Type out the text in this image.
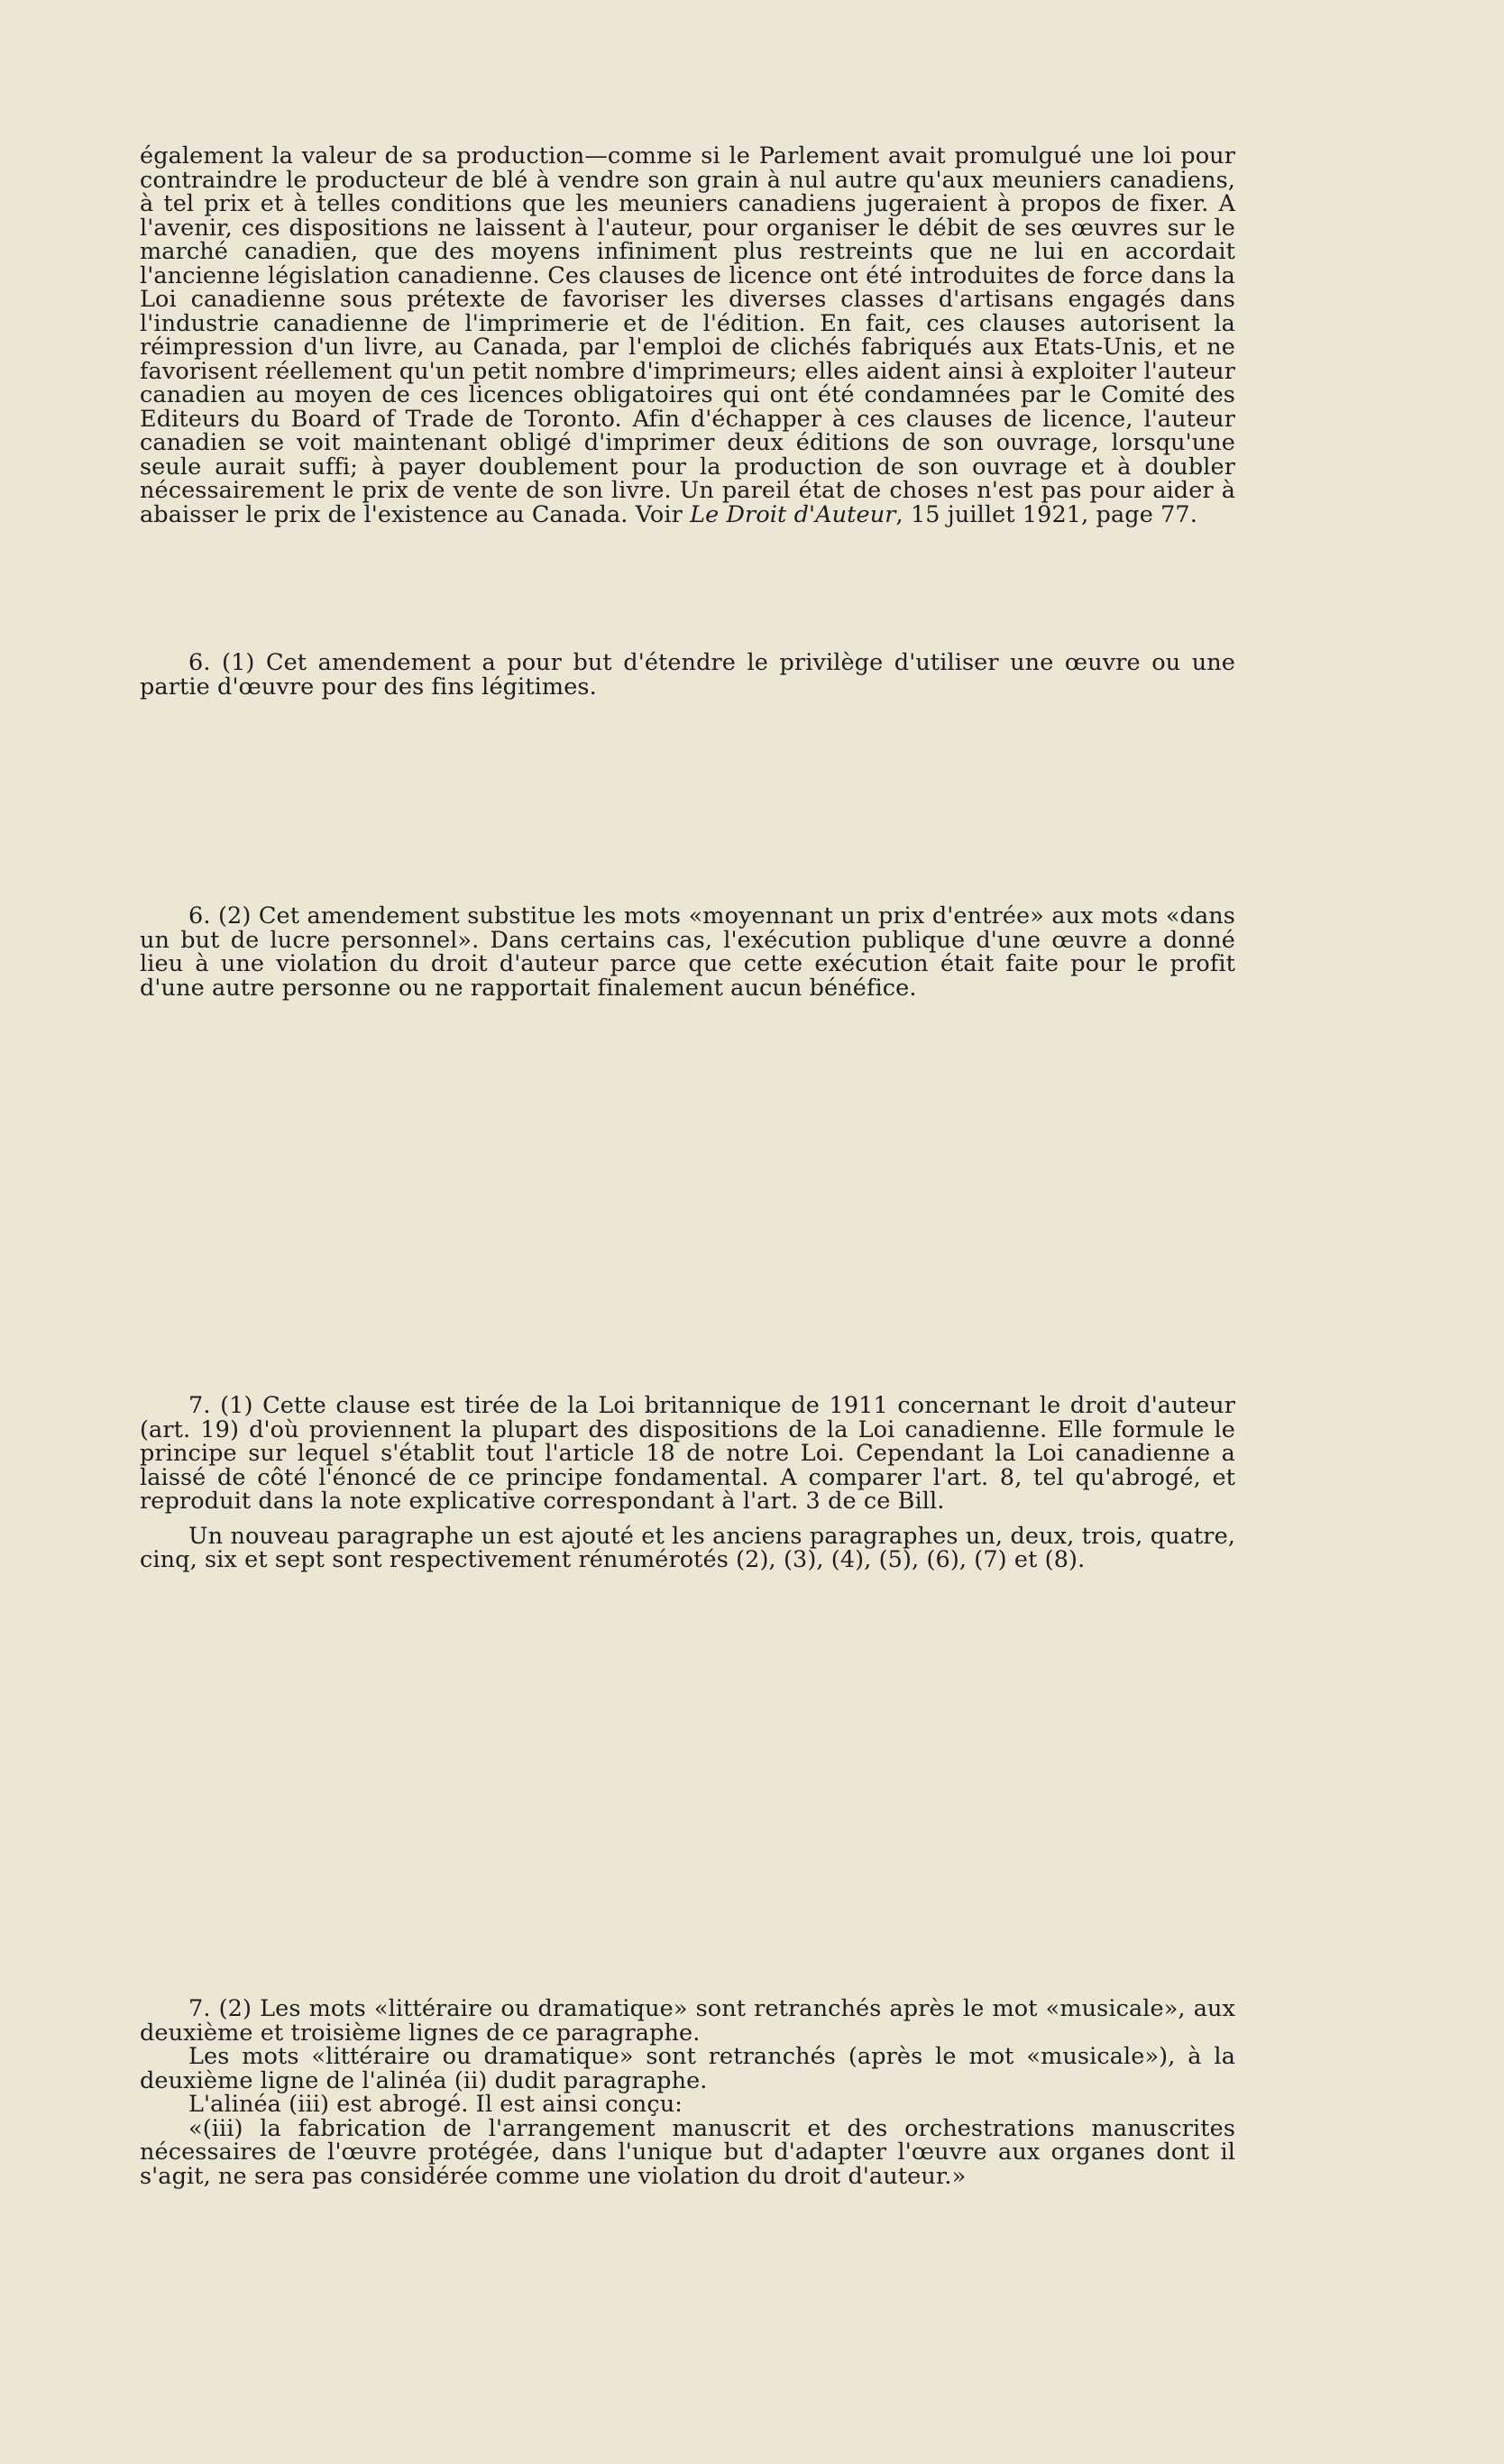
également la valeur de sa production—comme si le Parlement avait promulgué une loi pour contraindre le producteur de blé à vendre son grain à nul autre qu'aux meuniers canadiens, à tel prix et à telles conditions que les meuniers canadiens jugeraient à propos de fixer. A l'avenir, ces dispositions ne laissent à l'auteur, pour organiser le débit de ses œuvres sur le marché canadien, que des moyens infiniment plus restreints que ne lui en accordait l'ancienne législation canadienne. Ces clauses de licence ont été introduites de force dans la Loi canadienne sous prétexte de favoriser les diverses classes d'artisans engagés dans l'industrie canadienne de l'imprimerie et de l'édition. En fait, ces clauses autorisent la réimpression d'un livre, au Canada, par l'emploi de clichés fabriqués aux Etats-Unis, et ne favorisent réellement qu'un petit nombre d'imprimeurs; elles aident ainsi à exploiter l'auteur canadien au moyen de ces licences obligatoires qui ont été condamnées par le Comité des Editeurs du Board of Trade de Toronto. Afin d'échapper à ces clauses de licence, l'auteur canadien se voit maintenant obligé d'imprimer deux éditions de son ouvrage, lorsqu'une seule aurait suffi; à payer doublement pour la production de son ouvrage et à doubler nécessairement le prix de vente de son livre. Un pareil état de choses n'est pas pour aider à abaisser le prix de l'existence au Canada. Voir Le Droit d'Auteur, 15 juillet 1921, page 77.

6. (1) Cet amendement a pour but d'étendre le privilège d'utiliser une œuvre ou une partie d'œuvre pour des fins légitimes.

6. (2) Cet amendement substitue les mots «moyennant un prix d'entrée» aux mots «dans un but de lucre personnel». Dans certains cas, l'exécution publique d'une œuvre a donné lieu à une violation du droit d'auteur parce que cette exécution était faite pour le profit d'une autre personne ou ne rapportait finalement aucun bénéfice.

7. (1) Cette clause est tirée de la Loi britannique de 1911 concernant le droit d'auteur (art. 19) d'où proviennent la plupart des dispositions de la Loi canadienne. Elle formule le principe sur lequel s'établit tout l'article 18 de notre Loi. Cependant la Loi canadienne a laissé de côté l'énoncé de ce principe fondamental. A comparer l'art. 8, tel qu'abrogé, et reproduit dans la note explicative correspondant à l'art. 3 de ce Bill.

Un nouveau paragraphe un est ajouté et les anciens paragraphes un, deux, trois, quatre, cinq, six et sept sont respectivement rénumérotés (2), (3), (4), (5), (6), (7) et (8).

7. (2) Les mots «littéraire ou dramatique» sont retranchés après le mot «musicale», aux deuxième et troisième lignes de ce paragraphe.

Les mots «littéraire ou dramatique» sont retranchés (après le mot «musicale»), à la deuxième ligne de l'alinéa (ii) dudit paragraphe.

L'alinéa (iii) est abrogé. Il est ainsi conçu:

«(iii) la fabrication de l'arrangement manuscrit et des orchestrations manuscrites nécessaires de l'œuvre protégée, dans l'unique but d'adapter l'œuvre aux organes dont il s'agit, ne sera pas considérée comme une violation du droit d'auteur.»
